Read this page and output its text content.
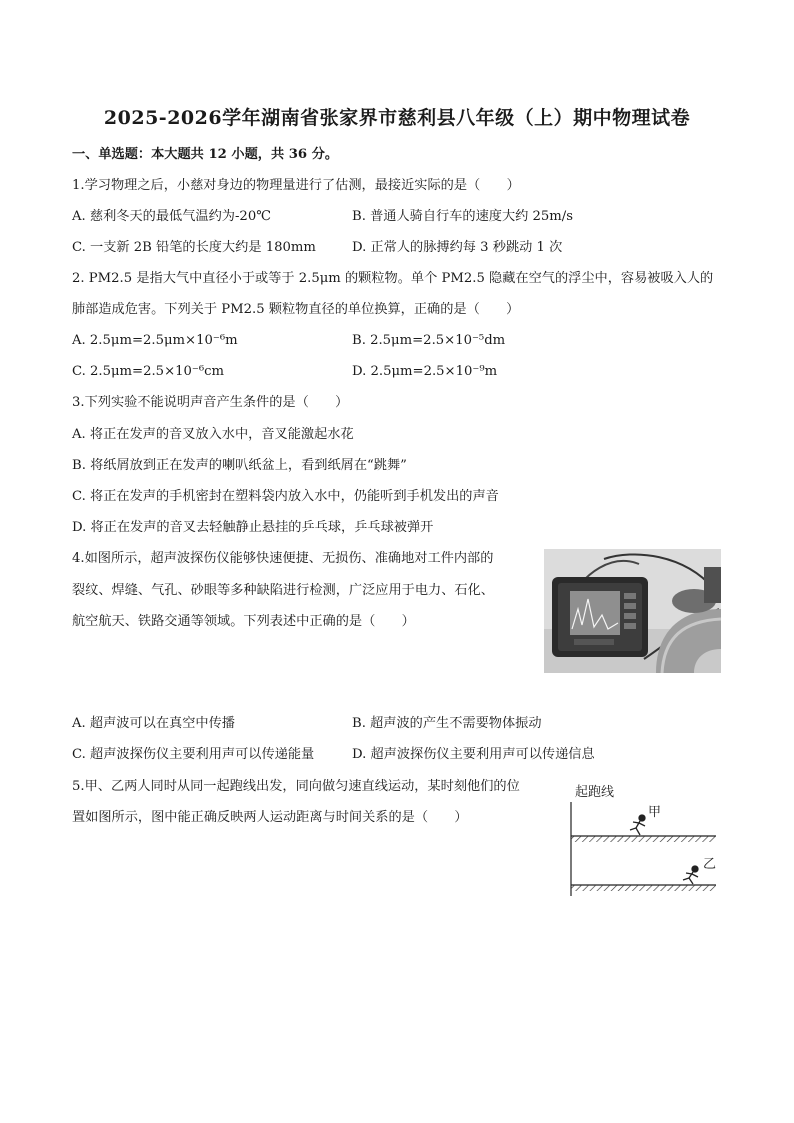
2025-2026学年湖南省张家界市慈利县八年级（上）期中物理试卷
一、单选题：本大题共 12 小题，共 36 分。
1.学习物理之后，小慈对身边的物理量进行了估测，最接近实际的是（　　）
A. 慈利冬天的最低气温约为-20℃	B. 普通人骑自行车的速度大约 25m/s
C. 一支新 2B 铅笔的长度大约是 180mm	D. 正常人的脉搏约每 3 秒跳动 1 次
2. PM2.5 是指大气中直径小于或等于 2.5μm 的颗粒物。单个 PM2.5 隐藏在空气的浮尘中，容易被吸入人的
肺部造成危害。下列关于 PM2.5 颗粒物直径的单位换算，正确的是（　　）
A. 2.5μm=2.5μm×10⁻⁶m	B. 2.5μm=2.5×10⁻⁵dm
C. 2.5μm=2.5×10⁻⁶cm	D. 2.5μm=2.5×10⁻⁹m
3.下列实验不能说明声音产生条件的是（　　）
A. 将正在发声的音叉放入水中，音叉能激起水花
B. 将纸屑放到正在发声的喇叭纸盆上，看到纸屑在“跳舞”
C. 将正在发声的手机密封在塑料袋内放入水中，仍能听到手机发出的声音
D. 将正在发声的音叉去轻触静止悬挂的乒乓球，乒乓球被弹开
4.如图所示，超声波探伤仪能够快速便捷、无损伤、准确地对工件内部的
裂纹、焊缝、气孔、砂眼等多种缺陷进行检测，广泛应用于电力、石化、
航空航天、铁路交通等领域。下列表述中正确的是（　　）
A. 超声波可以在真空中传播	B. 超声波的产生不需要物体振动
C. 超声波探伤仪主要利用声可以传递能量	D. 超声波探伤仪主要利用声可以传递信息
5.甲、乙两人同时从同一起跑线出发，同向做匀速直线运动，某时刻他们的位
置如图所示，图中能正确反映两人运动距离与时间关系的是（　　）
起跑线
甲
乙
